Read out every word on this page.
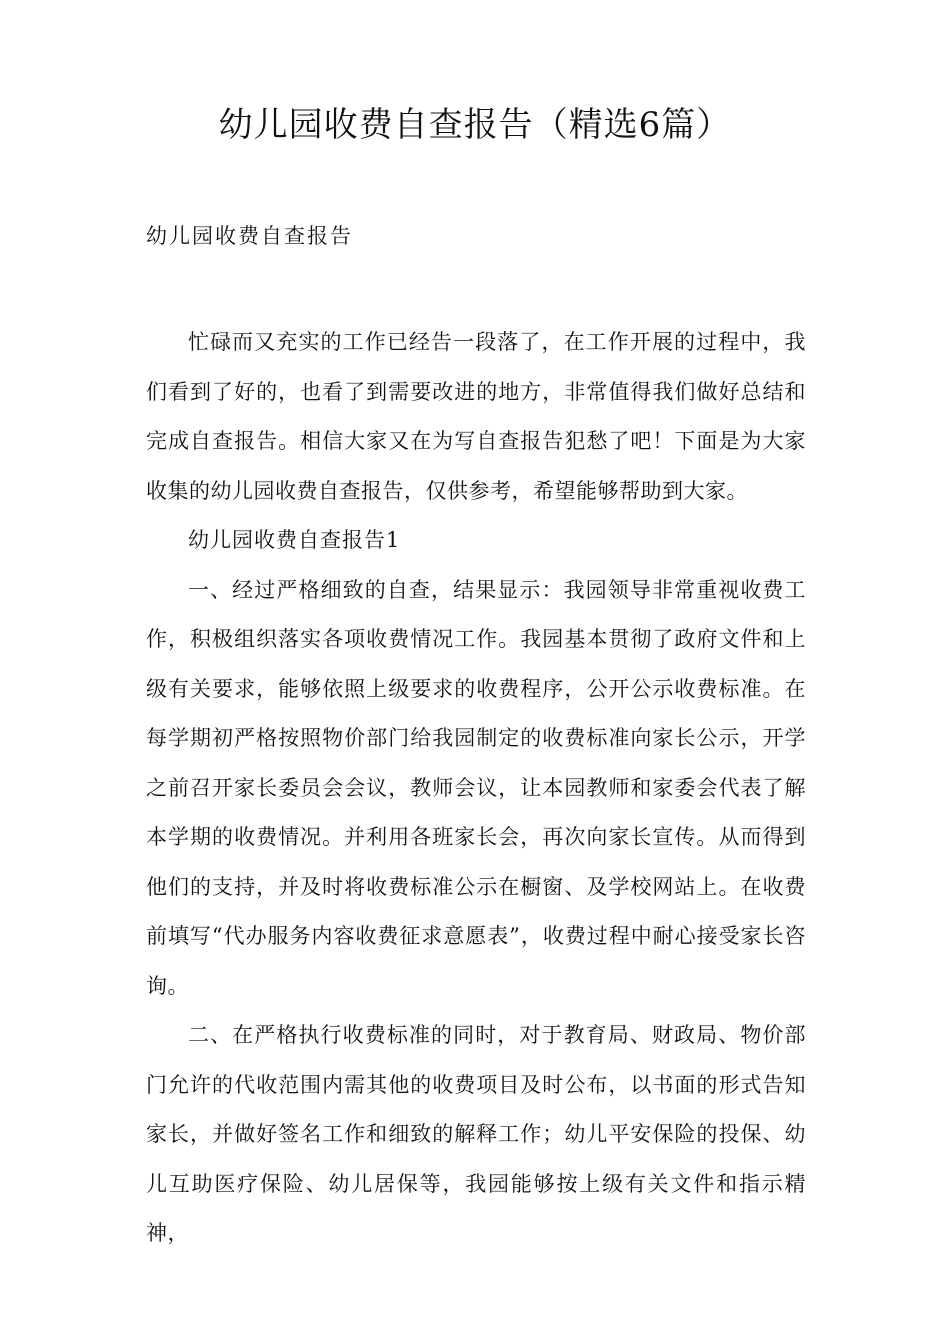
幼儿园收费自查报告（精选6篇）

幼儿园收费自查报告

忙碌而又充实的工作已经告一段落了，在工作开展的过程中，我们看到了好的，也看了到需要改进的地方，非常值得我们做好总结和完成自查报告。相信大家又在为写自查报告犯愁了吧！下面是为大家收集的幼儿园收费自查报告，仅供参考，希望能够帮助到大家。

幼儿园收费自查报告1

一、经过严格细致的自查，结果显示：我园领导非常重视收费工作，积极组织落实各项收费情况工作。我园基本贯彻了政府文件和上级有关要求，能够依照上级要求的收费程序，公开公示收费标准。在每学期初严格按照物价部门给我园制定的收费标准向家长公示，开学之前召开家长委员会会议，教师会议，让本园教师和家委会代表了解本学期的收费情况。并利用各班家长会，再次向家长宣传。从而得到他们的支持，并及时将收费标准公示在橱窗、及学校网站上。在收费前填写“代办服务内容收费征求意愿表”，收费过程中耐心接受家长咨询。

二、在严格执行收费标准的同时，对于教育局、财政局、物价部门允许的代收范围内需其他的收费项目及时公布，以书面的形式告知家长，并做好签名工作和细致的解释工作；幼儿平安保险的投保、幼儿互助医疗保险、幼儿居保等，我园能够按上级有关文件和指示精神，
